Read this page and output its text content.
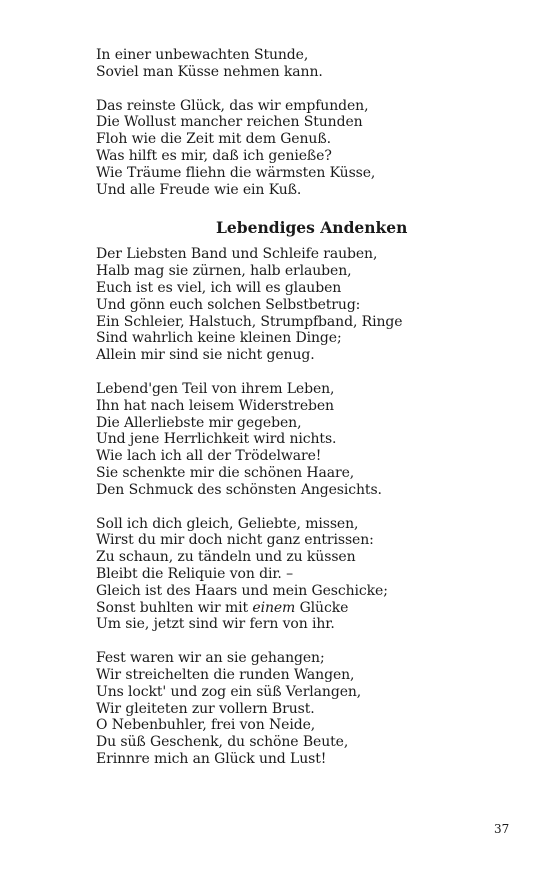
In einer unbewachten Stunde,
Soviel man Küsse nehmen kann.
Das reinste Glück, das wir empfunden,
Die Wollust mancher reichen Stunden
Floh wie die Zeit mit dem Genuß.
Was hilft es mir, daß ich genieße?
Wie Träume fliehn die wärmsten Küsse,
Und alle Freude wie ein Kuß.
Lebendiges Andenken
Der Liebsten Band und Schleife rauben,
Halb mag sie zürnen, halb erlauben,
Euch ist es viel, ich will es glauben
Und gönn euch solchen Selbstbetrug:
Ein Schleier, Halstuch, Strumpfband, Ringe
Sind wahrlich keine kleinen Dinge;
Allein mir sind sie nicht genug.
Lebend'gen Teil von ihrem Leben,
Ihn hat nach leisem Widerstreben
Die Allerliebste mir gegeben,
Und jene Herrlichkeit wird nichts.
Wie lach ich all der Trödelware!
Sie schenkte mir die schönen Haare,
Den Schmuck des schönsten Angesichts.
Soll ich dich gleich, Geliebte, missen,
Wirst du mir doch nicht ganz entrissen:
Zu schaun, zu tändeln und zu küssen
Bleibt die Reliquie von dir. –
Gleich ist des Haars und mein Geschicke;
Sonst buhlten wir mit einem Glücke
Um sie, jetzt sind wir fern von ihr.
Fest waren wir an sie gehangen;
Wir streichelten die runden Wangen,
Uns lockt' und zog ein süß Verlangen,
Wir gleiteten zur vollern Brust.
O Nebenbuhler, frei von Neide,
Du süß Geschenk, du schöne Beute,
Erinnre mich an Glück und Lust!
37
